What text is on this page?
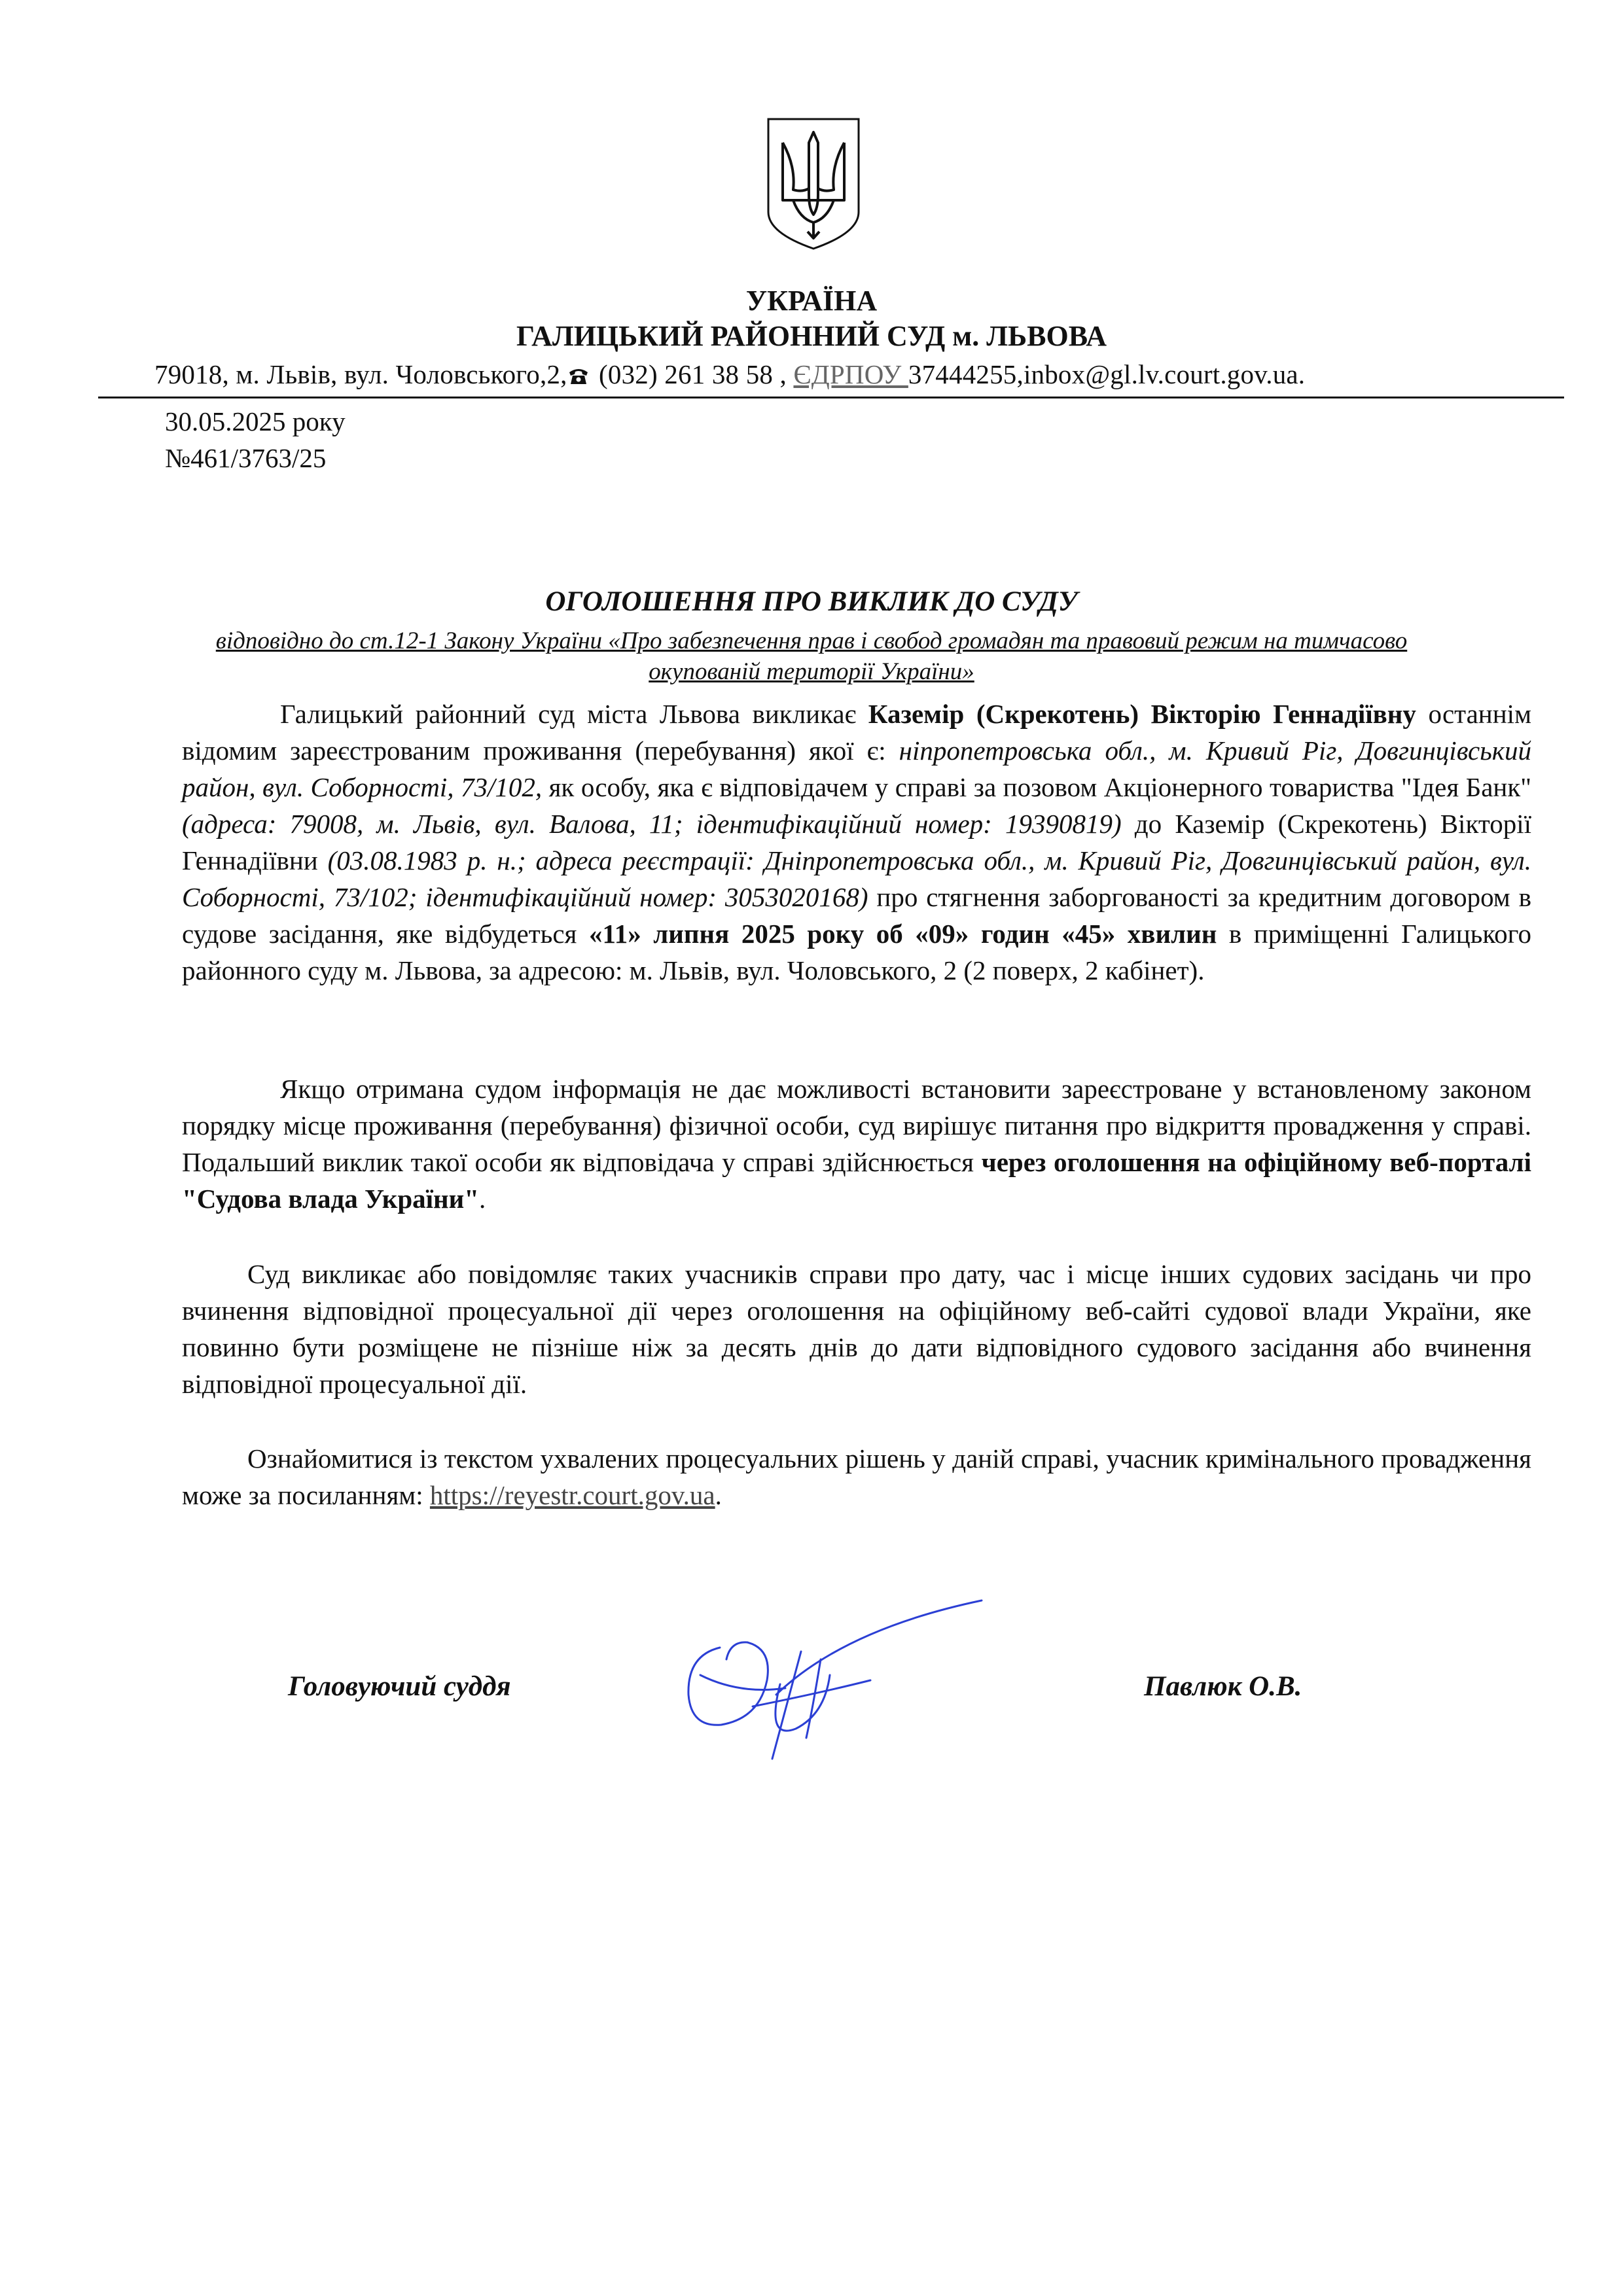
УКРАЇНА
ГАЛИЦЬКИЙ РАЙОННИЙ СУД м. ЛЬВОВА
79018, м. Львів, вул. Чоловського,2, (032) 261 38 58 , ЄДРПОУ 37444255,inbox@gl.lv.court.gov.ua.
30.05.2025 року
№461/3763/25
ОГОЛОШЕННЯ ПРО ВИКЛИК ДО СУДУ
відповідно до ст.12-1 Закону України «Про забезпечення прав і свобод громадян та правовий режим на тимчасово окупованій території України»

Галицький районний суд міста Львова викликає Каземір (Скрекотень) Вікторію Геннадіївну останнім відомим зареєстрованим проживання (перебування) якої є: ніпропетровська обл., м. Кривий Ріг, Довгинцівський район, вул. Соборності, 73/102, як особу, яка є відповідачем у справі за позовом Акціонерного товариства "Ідея Банк" (адреса: 79008, м. Львів, вул. Валова, 11; ідентифікаційний номер: 19390819) до Каземір (Скрекотень) Вікторії Геннадіївни (03.08.1983 р. н.; адреса реєстрації: Дніпропетровська обл., м. Кривий Ріг, Довгинцівський район, вул. Соборності, 73/102; ідентифікаційний номер: 3053020168) про стягнення заборгованості за кредитним договором в судове засідання, яке відбудеться «11» липня 2025 року об «09» годин «45» хвилин в приміщенні Галицького районного суду м. Львова, за адресою: м. Львів, вул. Чоловського, 2 (2 поверх, 2 кабінет).

Якщо отримана судом інформація не дає можливості встановити зареєстроване у встановленому законом порядку місце проживання (перебування) фізичної особи, суд вирішує питання про відкриття провадження у справі. Подальший виклик такої особи як відповідача у справі здійснюється через оголошення на офіційному веб-порталі "Судова влада України".

Суд викликає або повідомляє таких учасників справи про дату, час і місце інших судових засідань чи про вчинення відповідної процесуальної дії через оголошення на офіційному веб-сайті судової влади України, яке повинно бути розміщене не пізніше ніж за десять днів до дати відповідного судового засідання або вчинення відповідної процесуальної дії.

Ознайомитися із текстом ухвалених процесуальних рішень у даній справі, учасник кримінального провадження може за посиланням: https://reyestr.court.gov.ua.

Головуючий суддя	Павлюк О.В.
